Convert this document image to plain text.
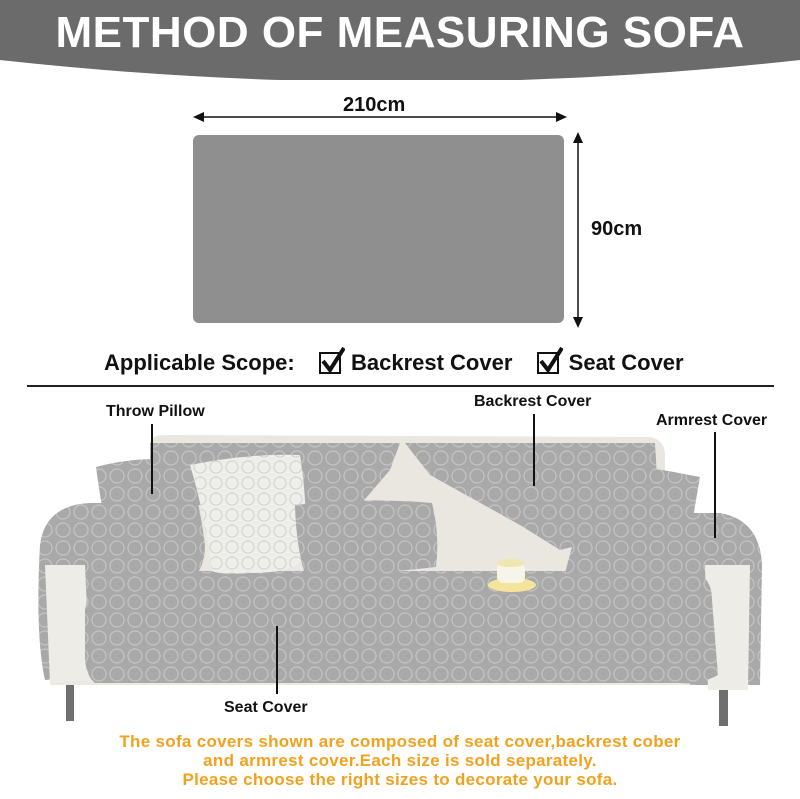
METHOD OF MEASURING SOFA
210cm
90cm
Applicable Scope:	Backrest Cover	Seat Cover
Throw Pillow
Backrest Cover
Armrest Cover
Seat Cover
The sofa covers shown are composed of seat cover,backrest cober
and armrest cover.Each size is sold separately.
Please choose the right sizes to decorate your sofa.
